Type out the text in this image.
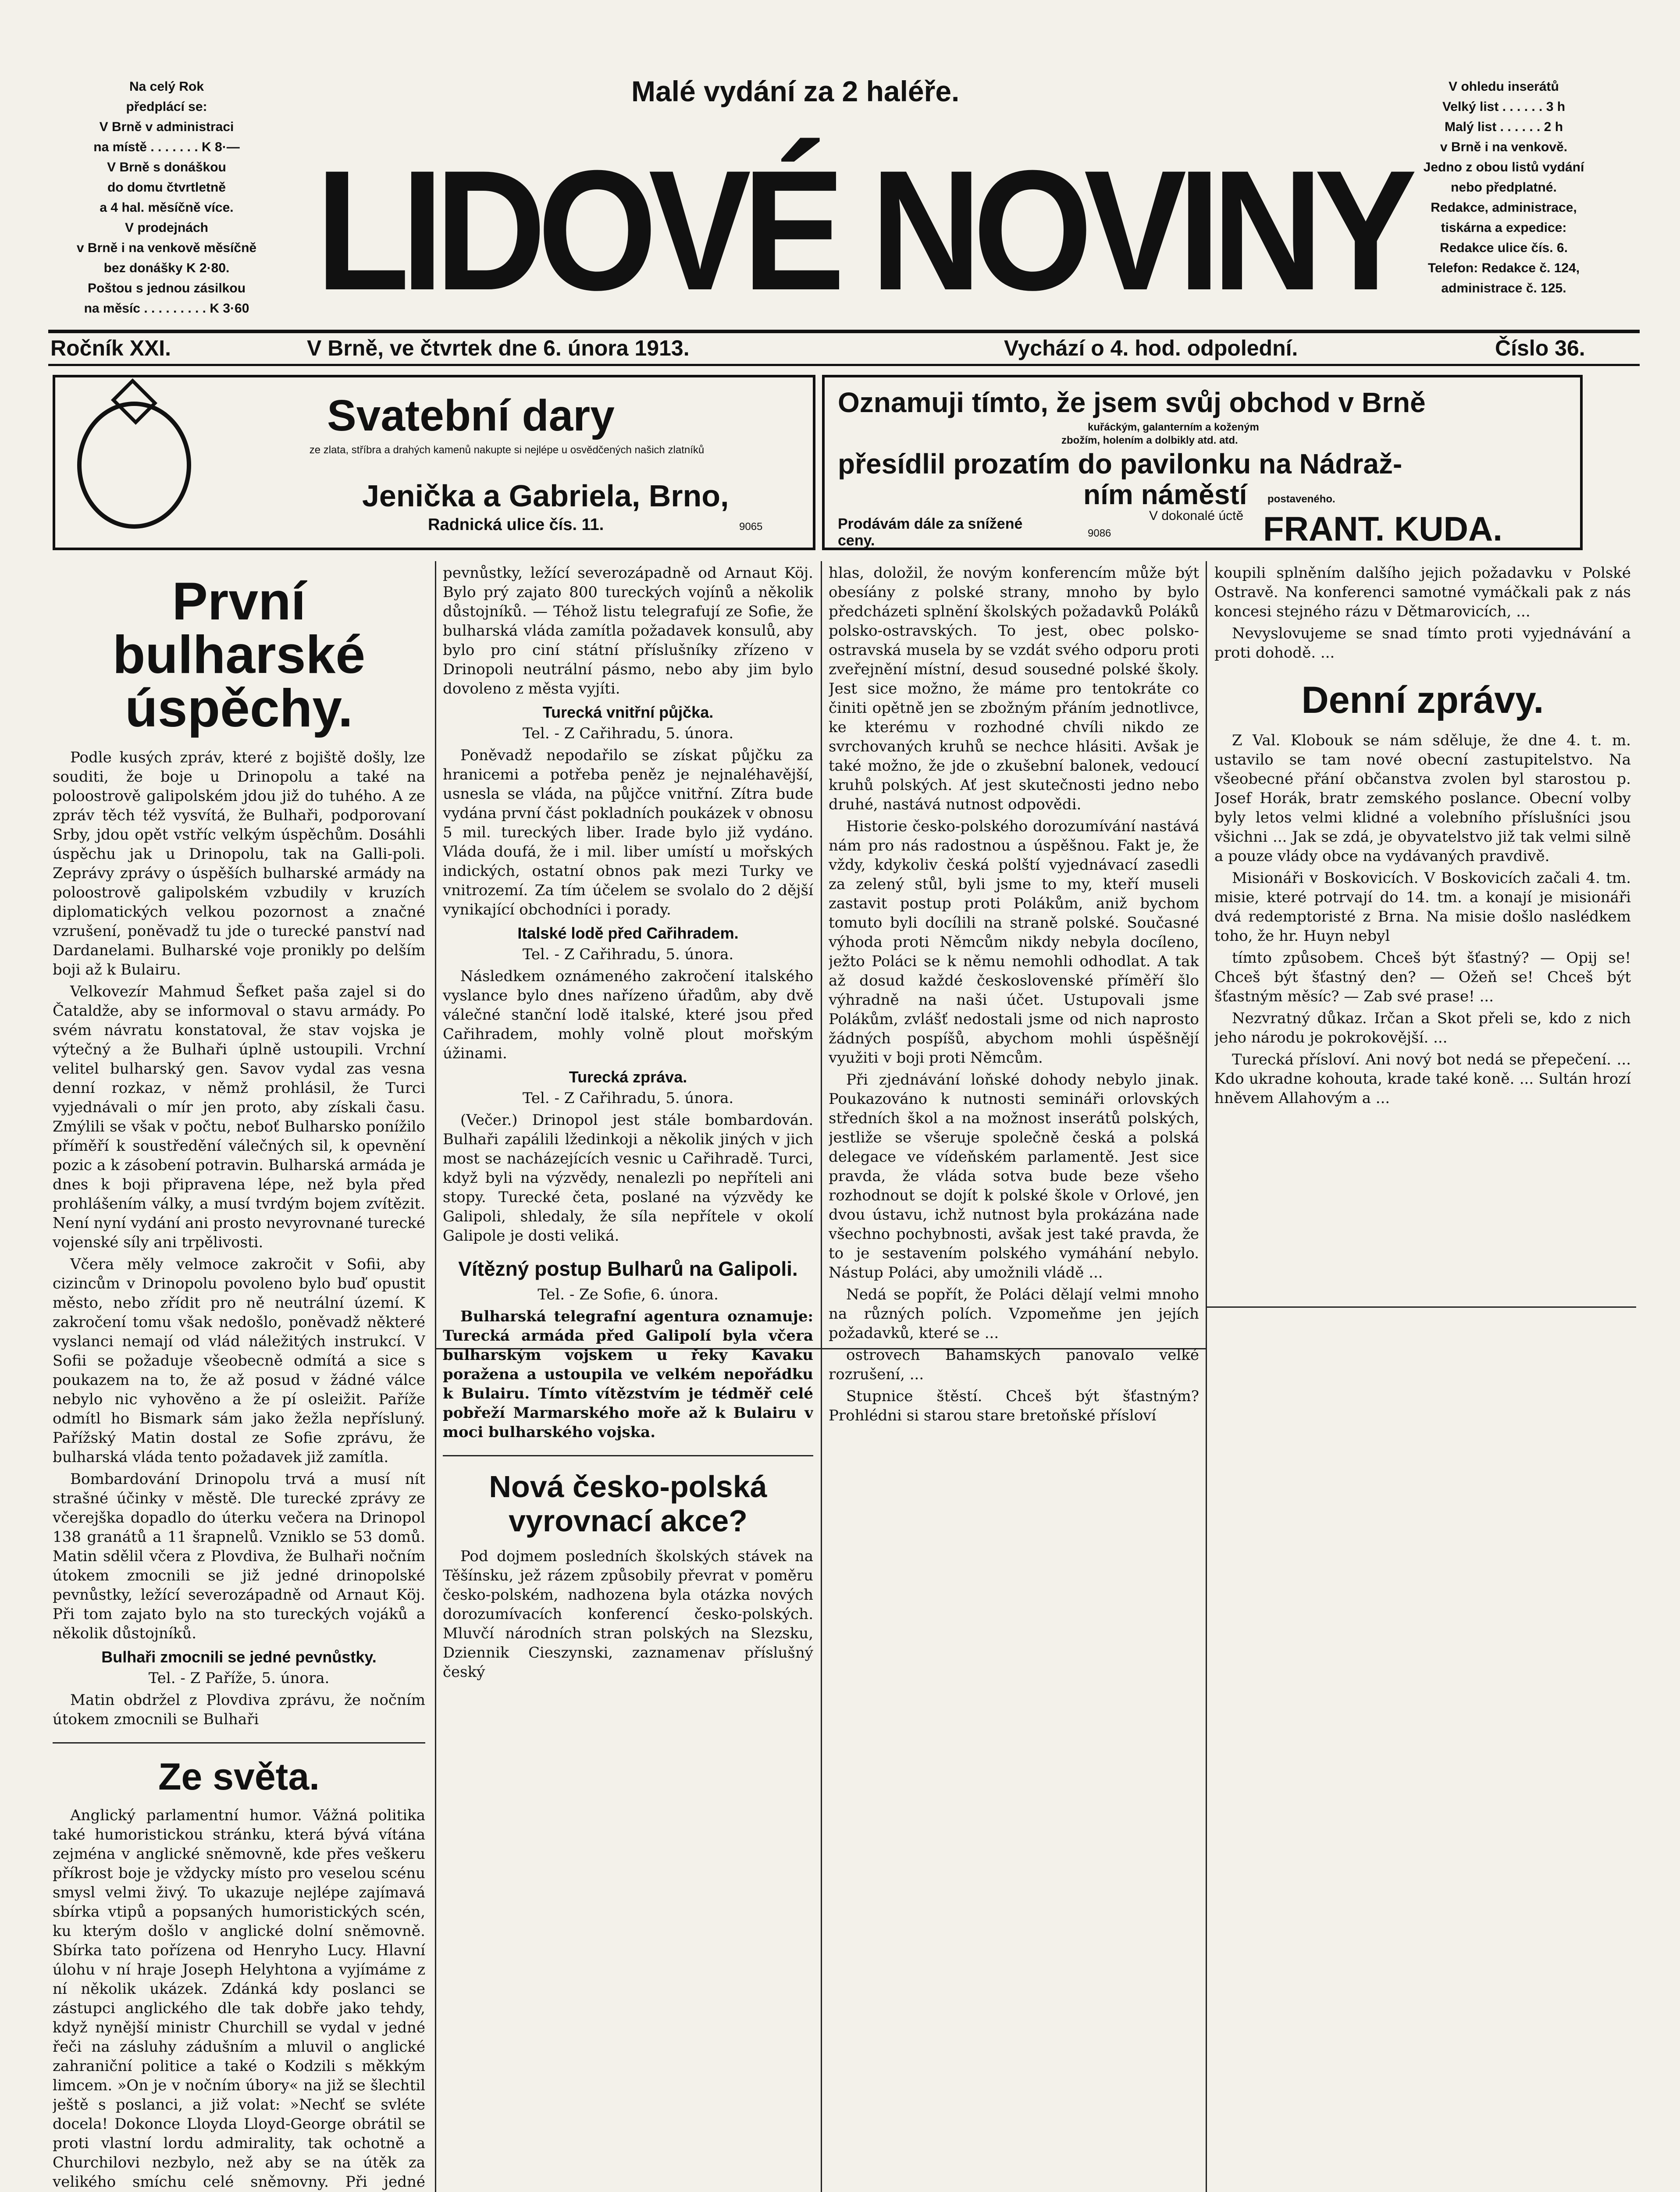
Na celý Rok
předplácí se:
V Brně v administraci
na místě . . . . . . . K 8·—
V Brně s donáškou
do domu čtvrtletně
a 4 hal. měsíčně více.
V prodejnách
v Brně i na venkově měsíčně
bez donášky K 2·80.
Poštou s jednou zásilkou
na měsíc . . . . . . . . . K 3·60
Malé vydání za 2 haléře.
LIDOVÉ NOVINY
V ohledu inserátů
Velký list . . . . . . 3 h
Malý list . . . . . . 2 h
v Brně i na venkově.
Jedno z obou listů vydání
nebo předplatné.
Redakce, administrace,
tiskárna a expedice:
Redakce ulice čís. 6.
Telefon: Redakce č. 124,
administrace č. 125.
Ročník XXI.	V Brně, ve čtvrtek dne 6. února 1913.	Vychází o 4. hod. odpolední.	Číslo 36.
Svatební dary
ze zlata, stříbra a drahých kamenů nakupte si nejlépe u osvědčených našich zlatníků
Jenička a Gabriela, Brno,
Radnická ulice čís. 11.	9065
Oznamuji tímto, že jsem svůj obchod v Brně
kuřáckým, galanterním a koženým
zbožím, holením a dolbikly atd. atd.
přesídlil prozatím do pavilonku na Nádraž-
ním náměstí postaveného.
Prodávám dále za snížené ceny.	9086
V dokonalé úctě FRANT. KUDA.
První bulharské úspěchy.

Podle kusých zpráv, které z bojiště došly, lze souditi, že boje u Drinopolu a také na poloostrově galipolském jdou již do tuhého. A ze zpráv těch též vysvítá, že Bulhaři, podporovaní Srby, jdou opět vstříc velkým úspěchům. Dosáhli úspěchu jak u Drinopolu, tak na Galli-poli. Zeprávy zprávy o úspěších bulharské armády na poloostrově galipolském vzbudily v kruzích diplomatických velkou pozornost a značné vzrušení, poněvadž tu jde o turecké panství nad Dardanelami. Bulharské voje pronikly po delším boji až k Bulairu.

Velkovezír Mahmud Šefket paša zajel si do Čataldže, aby se informoval o stavu armády. Po svém návratu konstatoval, že stav vojska je výtečný a že Bulhaři úplně ustoupili. Vrchní velitel bulharský gen. Savov vydal zas vesna denní rozkaz, v němž prohlásil, že Turci vyjednávali o mír jen proto, aby získali času. Zmýlili se však v počtu, neboť Bulharsko ponížilo příměří k soustředění válečných sil, k opevnění pozic a k zásobení potravin. Bulharská armáda je dnes k boji připravena lépe, než byla před prohlášením války, a musí tvrdým bojem zvítězit. Není nyní vydání ani prosto nevyrovnané turecké vojenské síly ani trpělivosti.

Včera měly velmoce zakročit v Sofii, aby cizincům v Drinopolu povoleno bylo buď opustit město, nebo zřídit pro ně neutrální území. K zakročení tomu však nedošlo, poněvadž některé vyslanci nemají od vlád náležitých instrukcí. V Sofii se požaduje všeobecně odmítá a sice s poukazem na to, že až posud v žádné válce nebylo nic vyhověno a že pí osleižit. Paříže odmítl ho Bismark sám jako žežla nepřísluný. Pařížský Matin dostal ze Sofie zprávu, že bulharská vláda tento požadavek již zamítla.

Bombardování Drinopolu trvá a musí nít strašné účinky v městě. Dle turecké zprávy ze včerejška dopadlo do úterku večera na Drinopol 138 granátů a 11 šrapnelů. Vzniklo se 53 domů. Matin sdělil včera z Plovdiva, že Bulhaři nočním útokem zmocnili se již jedné drinopolské pevnůstky, ležící severozápadně od Arnaut Köj. Při tom zajato bylo na sto tureckých vojáků a několik důstojníků.

Bulhaři zmocnili se jedné pevnůstky.
Tel. - Z Paříže, 5. února.

Matin obdržel z Plovdiva zprávu, že nočním útokem zmocnili se Bulhaři

Ze světa.

Anglický parlamentní humor. Vážná politika také humoristickou stránku, která bývá vítána zejména v anglické sněmovně, kde přes veškeru příkrost boje je vždycky místo pro veselou scénu smysl velmi živý. To ukazuje nejlépe zajímavá sbírka vtipů a popsaných humoristických scén, ku kterým došlo v anglické dolní sněmovně. Sbírka tato pořízena od Henryho Lucy. Hlavní úlohu v ní hraje Joseph Helyhtona a vyjímáme z ní několik ukázek. Zdánká kdy poslanci se zástupci anglického dle tak dobře jako tehdy, když nynější ministr Churchill se vydal v jedné řeči na zásluhy zádušním a mluvil o anglické zahraniční politice a také o Kodzili s měkkým limcem. »On je v nočním úbory« na již se šlechtil ještě s poslanci, a již volat: »Nechť se svléte docela! Dokonce Lloyda Lloyd-George obrátil se proti vlastní lordu admirality, tak ochotně a Churchilovi nezbylo, než aby se na útěk za velikého smíchu celé sněmovny. Při jedné

pevnůstky, ležící severozápadně od Arnaut Köj. Bylo prý zajato 800 tureckých vojínů a několik důstojníků. — Téhož listu telegrafují ze Sofie, že bulharská vláda zamítla požadavek konsulů, aby bylo pro ciní státní příslušníky zřízeno v Drinopoli neutrální pásmo, nebo aby jim bylo dovoleno z města vyjíti.

Turecká vnitřní půjčka.
Tel. - Z Cařihradu, 5. února.

Poněvadž nepodařilo se získat půjčku za hranicemi a potřeba peněz je nejnaléhavější, usnesla se vláda, na půjčce vnitřní. Zítra bude vydána první část pokladních poukázek v obnosu 5 mil. tureckých liber. Irade bylo již vydáno. Vláda doufá, že i mil. liber umístí u mořských indických, ostatní obnos pak mezi Turky ve vnitrozemí. Za tím účelem se svolalo do 2 dější vynikající obchodníci i porady.

Italské lodě před Cařihradem.
Tel. - Z Cařihradu, 5. února.

Následkem oznámeného zakročení italského vyslance bylo dnes nařízeno úřadům, aby dvě válečné stanční lodě italské, které jsou před Cařihradem, mohly volně plout mořským úžinami.

Turecká zpráva.
Tel. - Z Cařihradu, 5. února.

(Večer.) Drinopol jest stále bombardován. Bulhaři zapálili lžedinkoji a několik jiných v jich most se nacházejících vesnic u Cařihradě. Turci, když byli na výzvědy, nenalezli po nepříteli ani stopy. Turecké četa, poslané na výzvědy ke Galipoli, shledaly, že síla nepřítele v okolí Galipole je dosti veliká.

Vítězný postup Bulharů na Galipoli.
Tel. - Ze Sofie, 6. února.

Bulharská telegrafní agentura oznamuje: Turecká armáda před Galipolí byla včera bulharským vojskem u řeky Kavaku poražena a ustoupila ve velkém nepořádku k Bulairu. Tímto vítězstvím je tédměř celé pobřeží Marmarského moře až k Bulairu v moci bulharského vojska.

Nová česko-polská vyrovnací akce?

Pod dojmem posledních školských stávek na Těšínsku, jež rázem způsobily převrat v poměru česko-polském, nadhozena byla otázka nových dorozumívacích konferencí česko-polských. Mluvčí národních stran polských na Slezsku, Dziennik Cieszynski, zaznamenav příslušný český

hlas, doložil, že novým konferencím může být obesíány z polské strany, mnoho by bylo předcházeti splnění školských požadavků Poláků polsko-ostravských. To jest, obec polsko-ostravská musela by se vzdát svého odporu proti zveřejnění místní, desud sousedné polské školy. Jest sice možno, že máme pro tentokráte co činiti opětně jen se zbožným přáním jednotlivce, ke kterému v rozhodné chvíli nikdo ze svrchovaných kruhů se nechce hlásiti. Avšak je také možno, že jde o zkušební balonek, vedoucí kruhů polských. Ať jest skutečnosti jedno nebo druhé, nastává nutnost odpovědi.

Historie česko-polského dorozumívání nastává nám pro nás radostnou a úspěšnou. Fakt je, že vždy, kdykoliv česká polští vyjednávací zasedli za zelený stůl, byli jsme to my, kteří museli zastavit postup proti Polákům, aniž bychom tomuto byli docílili na straně polské. Současné výhoda proti Němcům nikdy nebyla docíleno, ježto Poláci se k němu nemohli odhodlat. A tak až dosud každé československé příměří šlo výhradně na naši účet. Ustupovali jsme Polákům, zvlášť nedostali jsme od nich naprosto žádných pospíšů, abychom mohli úspěšnějí využiti v boji proti Němcům.

Při zjednávání loňské dohody nebylo jinak. Poukazováno k nutnosti semináři orlovských středních škol a na možnost inserátů polských, jestliže se všeruje společně česká a polská delegace ve vídeňském parlamentě. Jest sice pravda, že vláda sotva bude beze všeho rozhodnout se dojít k polské škole v Orlové, jen dvou ústavu, ichž nutnost byla prokázána nade všechno pochybnosti, avšak jest také pravda, že to je sestavením polského vymáhání nebylo. Nástup Poláci, aby umožnili vládě ...

Nedá se popřít, že Poláci dělají velmi mnoho na různých polích. Vzpomeňme jen jejích požadavků, které se ...

ostrovech Bahamských panovalo velké rozrušení, ...

Stupnice štěstí. Chceš být šťastným? Prohlédni si starou stare bretoňské přísloví

koupili splněním dalšího jejich požadavku v Polské Ostravě. Na konferenci samotné vymáčkali pak z nás koncesi stejného rázu v Dětmarovicích, ...

Nevyslovujeme se snad tímto proti vyjednávání a proti dohodě. ...

Denní zprávy.

Z Val. Klobouk se nám sděluje, že dne 4. t. m. ustavilo se tam nové obecní zastupitelstvo. Na všeobecné přání občanstva zvolen byl starostou p. Josef Horák, bratr zemského poslance. Obecní volby byly letos velmi klidné a volebního příslušníci jsou všichni ... Jak se zdá, je obyvatelstvo již tak velmi silně a pouze vlády obce na vydávaných pravdivě.

Misionáři v Boskovicích. V Boskovicích začali 4. tm. misie, které potrvají do 14. tm. a konají je misionáři dvá redemptoristé z Brna. Na misie došlo naslédkem toho, že hr. Huyn nebyl

tímto způsobem. Chceš být šťastný? — Opij se! Chceš být šťastný den? — Ožeň se! Chceš být šťastným měsíc? — Zab své prase! ...

Nezvratný důkaz. Irčan a Skot přeli se, kdo z nich jeho národu je pokrokovější. ...

Turecká přísloví. Ani nový bot nedá se přepečení. ... Kdo ukradne kohouta, krade také koně. ... Sultán hrozí hněvem Allahovým a ...
